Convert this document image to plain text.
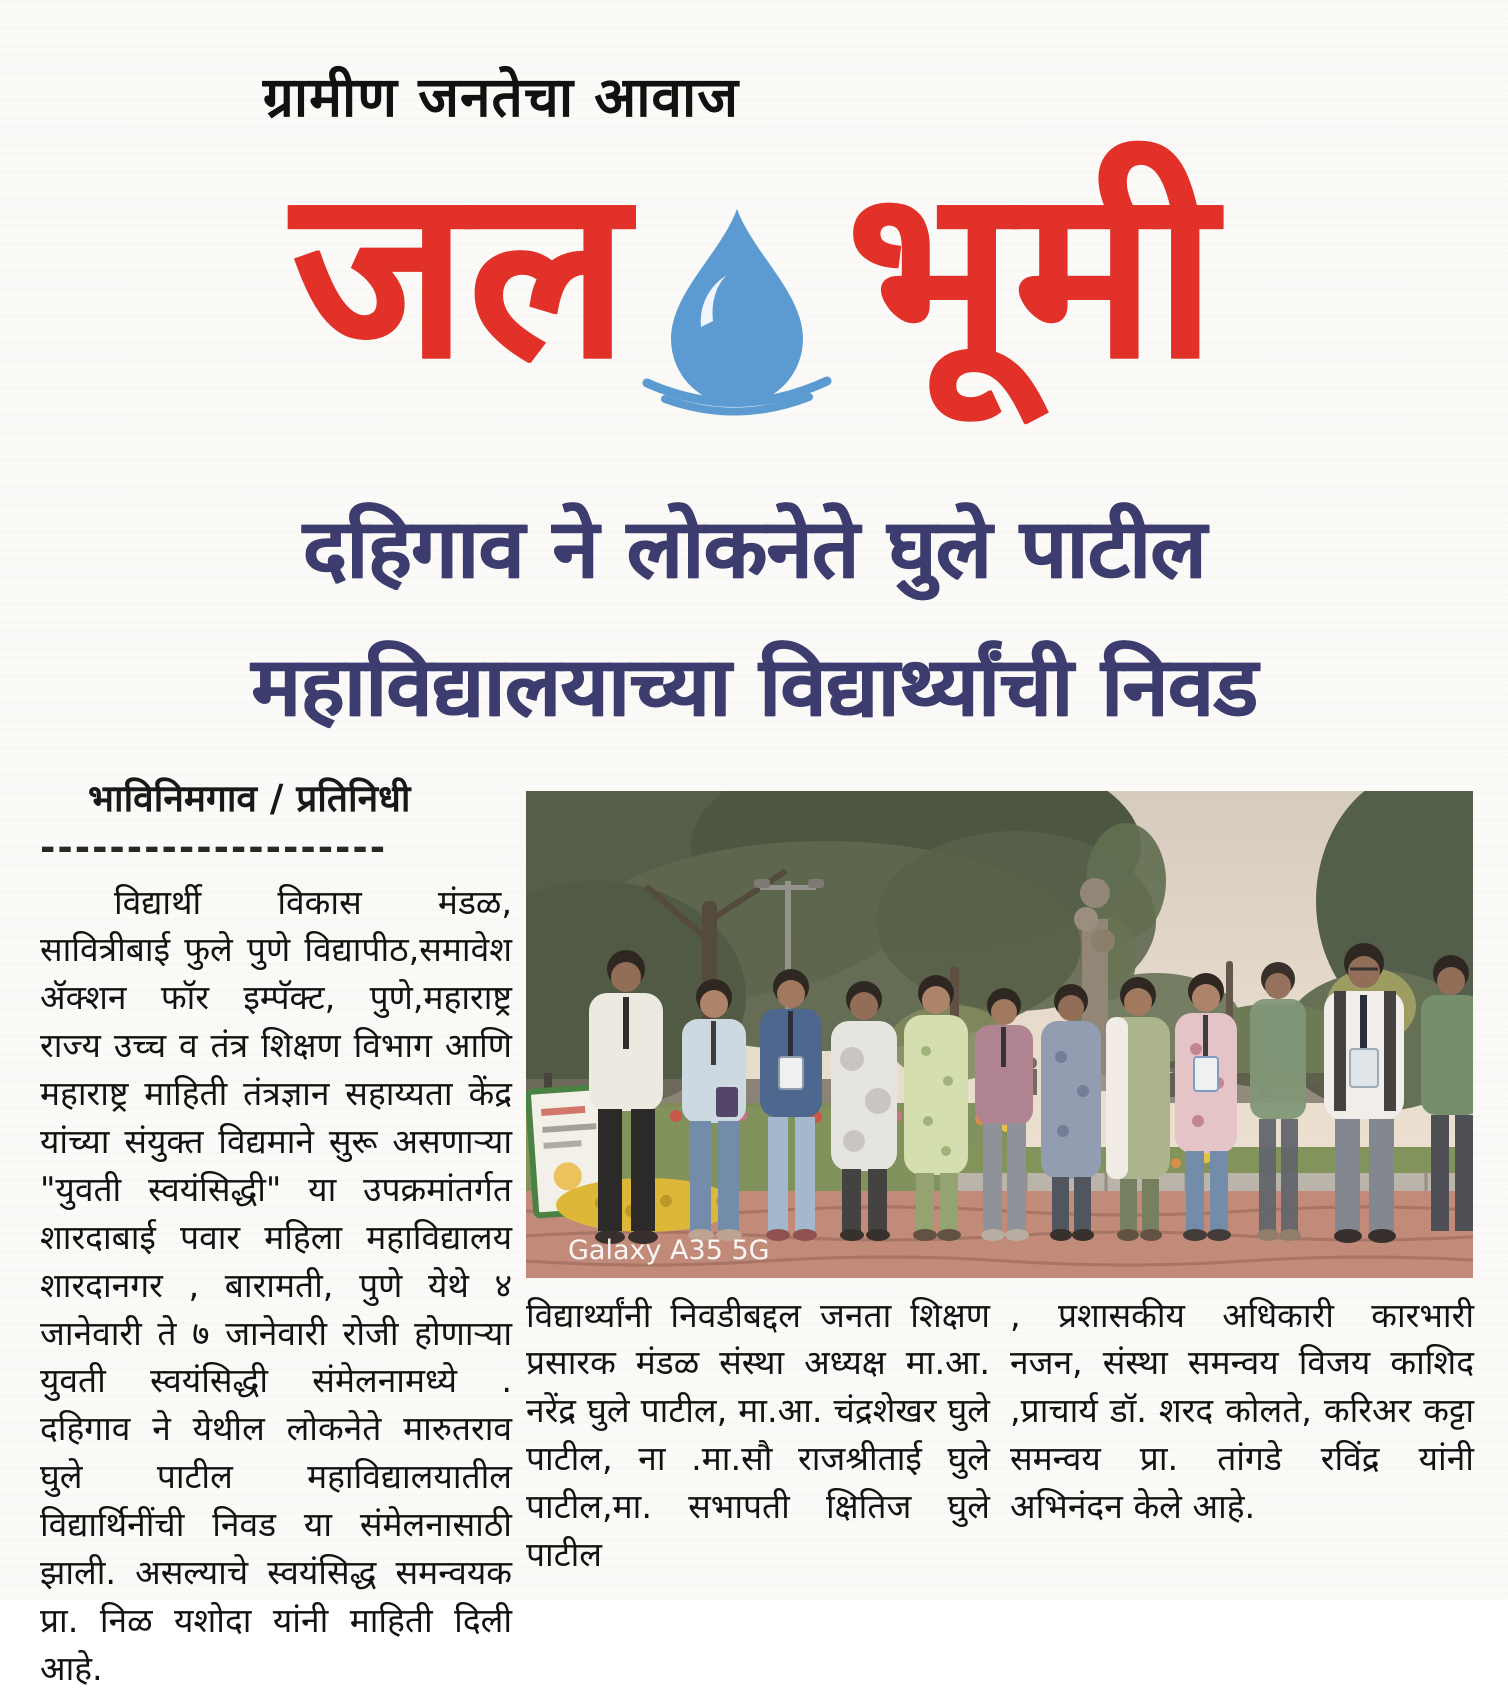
ग्रामीण जनतेचा आवाज
जल भूमी
दहिगाव ने लोकनेते घुले पाटील
महाविद्यालयाच्या विद्यार्थ्यांची निवड
भाविनिमगाव / प्रतिनिधी
--------------------

विद्यार्थी विकास मंडळ, सावित्रीबाई फुले पुणे विद्यापीठ,समावेश ॲक्शन फॉर इम्पॅक्ट, पुणे,महाराष्ट्र राज्य उच्च व तंत्र शिक्षण विभाग आणि महाराष्ट्र माहिती तंत्रज्ञान सहाय्यता केंद्र यांच्या संयुक्त विद्यमाने सुरू असणाऱ्या "युवती स्वयंसिद्धी" या उपक्रमांतर्गत शारदाबाई पवार महिला महाविद्यालय शारदानगर , बारामती, पुणे येथे ४ जानेवारी ते ७ जानेवारी रोजी होणाऱ्या युवती स्वयंसिद्धी संमेलनामध्ये . दहिगाव ने येथील लोकनेते मारुतराव घुले पाटील महाविद्यालयातील विद्यार्थिनींची निवड या संमेलनासाठी झाली. असल्याचे स्वयंसिद्ध समन्वयक प्रा. निळ यशोदा यांनी माहिती दिली आहे.

Galaxy A35 5G

विद्यार्थ्यांनी निवडीबद्दल जनता शिक्षण प्रसारक मंडळ संस्था अध्यक्ष मा.आ. नरेंद्र घुले पाटील, मा.आ. चंद्रशेखर घुले पाटील, ना .मा.सौ राजश्रीताई घुले पाटील,मा. सभापती क्षितिज घुले पाटील

, प्रशासकीय अधिकारी कारभारी नजन, संस्था समन्वय विजय काशिद ,प्राचार्य डॉ. शरद कोलते, करिअर कट्टा समन्वय प्रा. तांगडे रविंद्र यांनी अभिनंदन केले आहे.
